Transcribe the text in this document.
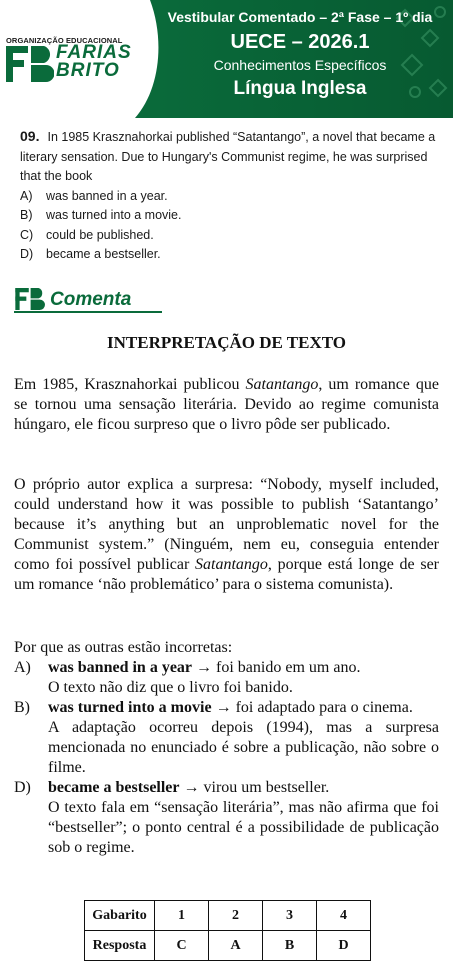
ORGANIZAÇÃO EDUCACIONAL
FARIAS
BRITO
Vestibular Comentado – 2ª Fase – 1º dia
UECE – 2026.1
Conhecimentos Específicos
Língua Inglesa
09. In 1985 Krasznahorkai published “Satantango”, a novel that became a literary sensation. Due to Hungary's Communist regime, he was surprised that the book
A)	was banned in a year.
B)	was turned into a movie.
C)	could be published.
D)	became a bestseller.
Comenta
INTERPRETAÇÃO DE TEXTO
Em 1985, Krasznahorkai publicou Satantango, um romance que se tornou uma sensação literária. Devido ao regime comunista húngaro, ele ficou surpreso que o livro pôde ser publicado.
O próprio autor explica a surpresa: “Nobody, myself included, could understand how it was possible to publish ‘Satantango’ because it’s anything but an unproblematic novel for the Communist system.” (Ninguém, nem eu, conseguia entender como foi possível publicar Satantango, porque está longe de ser um romance ‘não problemático’ para o sistema comunista).
Por que as outras estão incorretas:
A)	was banned in a year → foi banido em um ano.
O texto não diz que o livro foi banido.
B)	was turned into a movie → foi adaptado para o cinema.
A adaptação ocorreu depois (1994), mas a surpresa mencionada no enunciado é sobre a publicação, não sobre o filme.
D)	became a bestseller → virou um bestseller.
O texto fala em “sensação literária”, mas não afirma que foi “bestseller”; o ponto central é a possibilidade de publicação sob o regime.
Gabarito	1	2	3	4
Resposta	C	A	B	D
